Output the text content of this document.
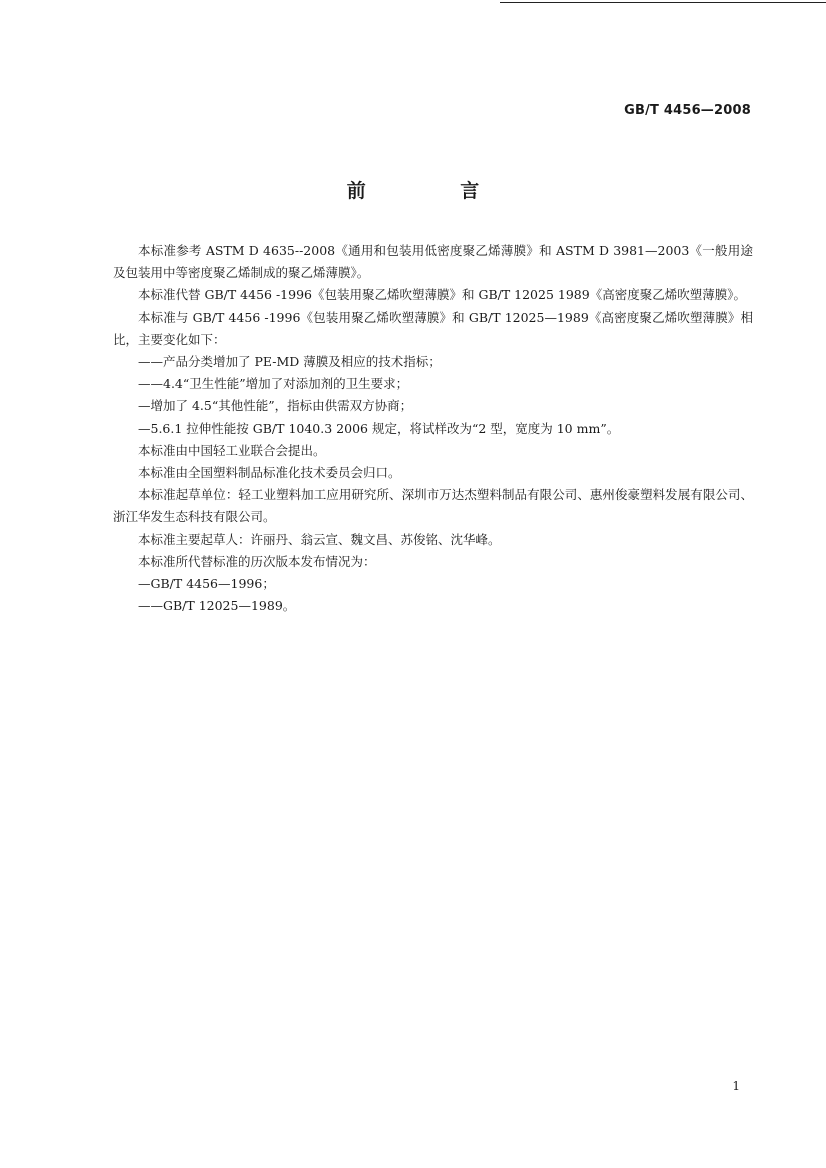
GB/T 4456—2008
前 言

本标准参考 ASTM D 4635--2008《通用和包装用低密度聚乙烯薄膜》和 ASTM D 3981—2003《一般用途及包装用中等密度聚乙烯制成的聚乙烯薄膜》。

本标准代替 GB/T 4456 -1996《包装用聚乙烯吹塑薄膜》和 GB/T 12025 1989《高密度聚乙烯吹塑薄膜》。

本标准与 GB/T 4456 -1996《包装用聚乙烯吹塑薄膜》和 GB/T 12025—1989《高密度聚乙烯吹塑薄膜》相比，主要变化如下：

——产品分类增加了 PE-MD 薄膜及相应的技术指标；

——4.4“卫生性能”增加了对添加剂的卫生要求；

—增加了 4.5“其他性能”，指标由供需双方协商；

—5.6.1 拉伸性能按 GB/T 1040.3 2006 规定，将试样改为“2 型，宽度为 10 mm”。

本标准由中国轻工业联合会提出。

本标准由全国塑料制品标准化技术委员会归口。

本标准起草单位：轻工业塑料加工应用研究所、深圳市万达杰塑料制品有限公司、惠州俊豪塑料发展有限公司、浙江华发生态科技有限公司。

本标准主要起草人：许丽丹、翁云宣、魏文昌、苏俊铭、沈华峰。

本标准所代替标准的历次版本发布情况为：

—GB/T 4456—1996；

——GB/T 12025—1989。

1
